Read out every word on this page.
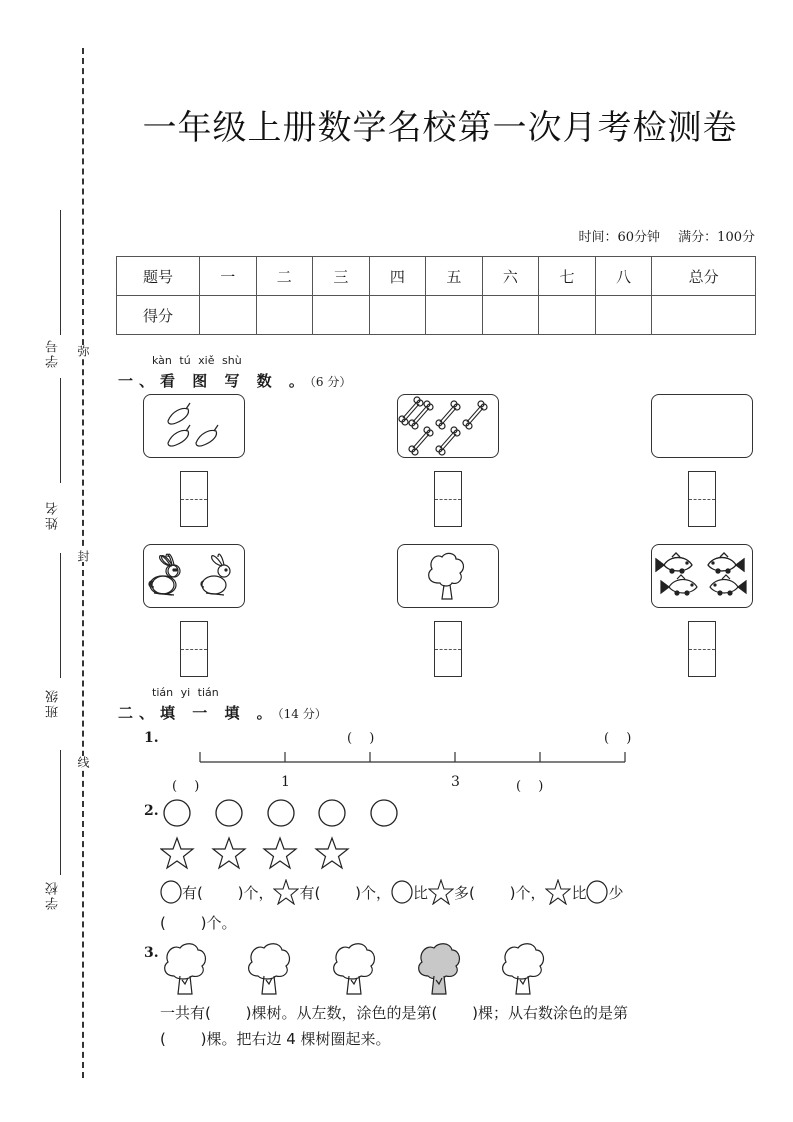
弥
封
线
学号
姓名
班级
学校
一年级上册数学名校第一次月考检测卷
时间：60分钟 满分：100分
题号	一	二	三	四	五	六	七	八	总分
得分									
kàn tú xiě shù
一、看 图 写 数 。（6 分）
tián yi tián
二、填 一 填 。（14 分）
1.	(　 )	(　 )
(　 )	1	3	(　 )
2.
有(　　 )个， 有(　　 )个， 比 多(　　 )个， 比 少
(　　 )个。
3.
一共有(　　 )棵树。从左数，涂色的是第(　　 )棵；从右数涂色的是第
(　　 )棵。把右边 4 棵树圈起来。
